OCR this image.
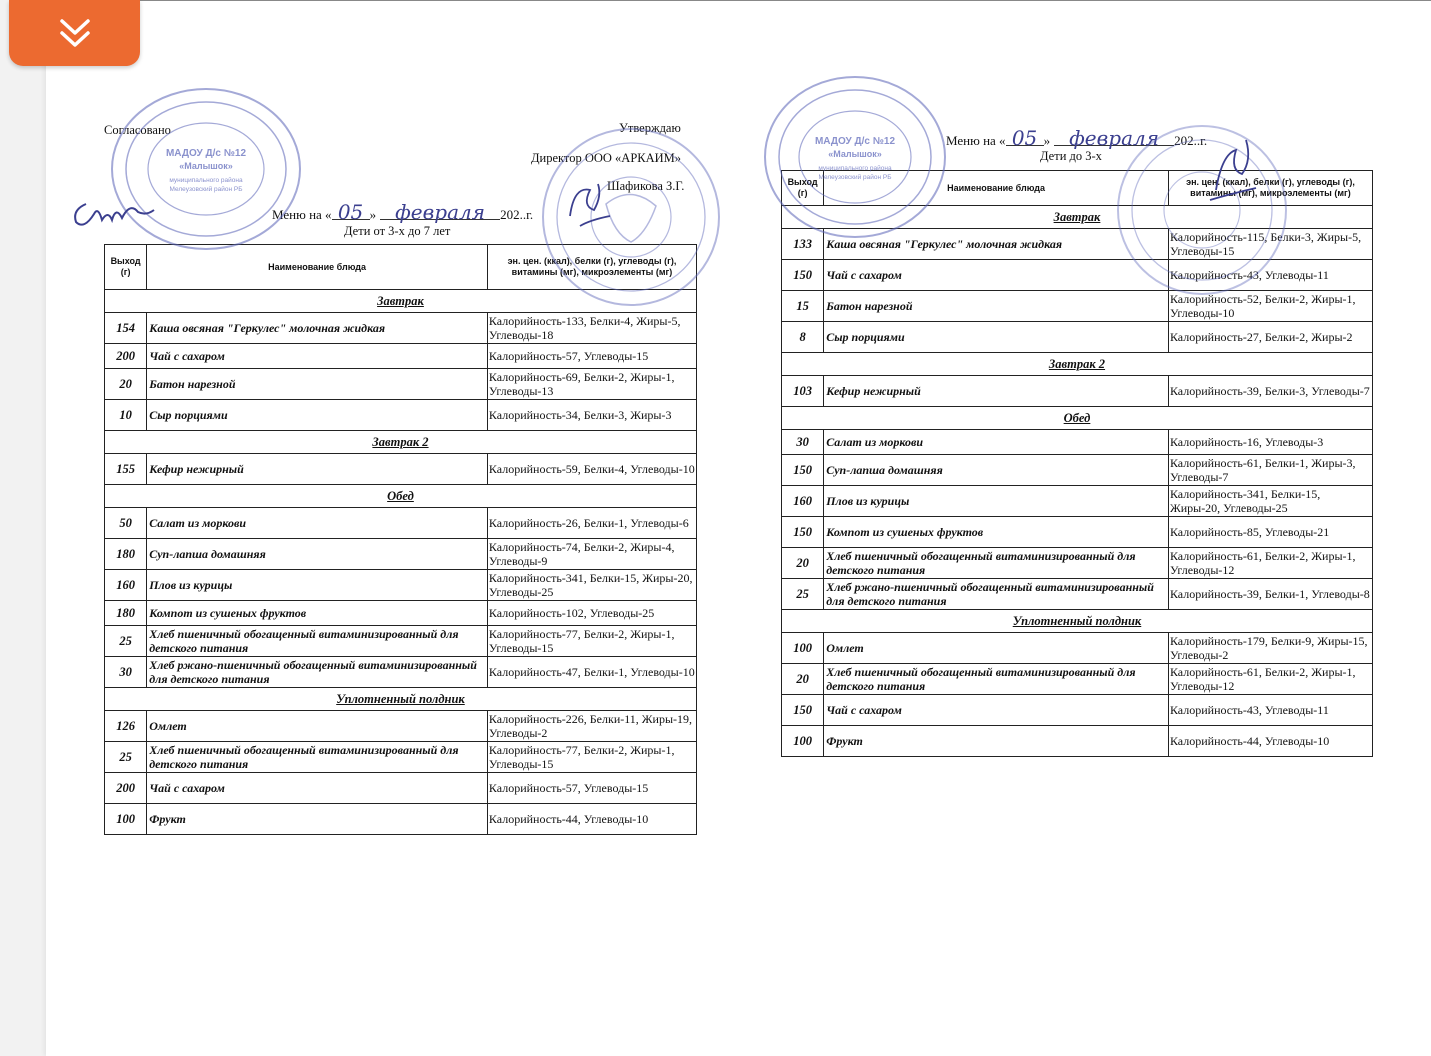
Согласовано	Утверждаю
Директор ООО «АРКАИМ»
Шафикова З.Г.
Меню на « 05 » февраля 202..г.
Дети от 3-х до 7 лет
Выход (г)	Наименование блюда	эн. цен. (ккал), белки (г), углеводы (г), витамины (мг), микроэлементы (мг)
Завтрак		
154	Каша овсяная "Геркулес" молочная жидкая	Калорийность-133, Белки-4, Жиры-5, Углеводы-18
200	Чай с сахаром	Калорийность-57, Углеводы-15
20	Батон нарезной	Калорийность-69, Белки-2, Жиры-1, Углеводы-13
10	Сыр порциями	Калорийность-34, Белки-3, Жиры-3
Завтрак 2		
155	Кефир нежирный	Калорийность-59, Белки-4, Углеводы-10
Обед		
50	Салат из моркови	Калорийность-26, Белки-1, Углеводы-6
180	Суп-лапша домашняя	Калорийность-74, Белки-2, Жиры-4, Углеводы-9
160	Плов из курицы	Калорийность-341, Белки-15, Жиры-20, Углеводы-25
180	Компот из сушеных фруктов	Калорийность-102, Углеводы-25
25	Хлеб пшеничный обогащенный витаминизированный для детского питания	Калорийность-77, Белки-2, Жиры-1, Углеводы-15
30	Хлеб ржано-пшеничный обогащенный витаминизированный для детского питания	Калорийность-47, Белки-1, Углеводы-10
Уплотненный полдник		
126	Омлет	Калорийность-226, Белки-11, Жиры-19, Углеводы-2
25	Хлеб пшеничный обогащенный витаминизированный для детского питания	Калорийность-77, Белки-2, Жиры-1, Углеводы-15
200	Чай с сахаром	Калорийность-57, Углеводы-15
100	Фрукт	Калорийность-44, Углеводы-10
Меню на « 05 » февраля 202..г.
Дети до 3-х
Выход (г)	Наименование блюда	эн. цен. (ккал), белки (г), углеводы (г), витамины (мг), микроэлементы (мг)
Завтрак		
133	Каша овсяная "Геркулес" молочная жидкая	Калорийность-115, Белки-3, Жиры-5, Углеводы-15
150	Чай с сахаром	Калорийность-43, Углеводы-11
15	Батон нарезной	Калорийность-52, Белки-2, Жиры-1, Углеводы-10
8	Сыр порциями	Калорийность-27, Белки-2, Жиры-2
Завтрак 2		
103	Кефир нежирный	Калорийность-39, Белки-3, Углеводы-7
Обед		
30	Салат из моркови	Калорийность-16, Углеводы-3
150	Суп-лапша домашняя	Калорийность-61, Белки-1, Жиры-3, Углеводы-7
160	Плов из курицы	Калорийность-341, Белки-15, Жиры-20, Углеводы-25
150	Компот из сушеных фруктов	Калорийность-85, Углеводы-21
20	Хлеб пшеничный обогащенный витаминизированный для детского питания	Калорийность-61, Белки-2, Жиры-1, Углеводы-12
25	Хлеб ржано-пшеничный обогащенный витаминизированный для детского питания	Калорийность-39, Белки-1, Углеводы-8
Уплотненный полдник		
100	Омлет	Калорийность-179, Белки-9, Жиры-15, Углеводы-2
20	Хлеб пшеничный обогащенный витаминизированный для детского питания	Калорийность-61, Белки-2, Жиры-1, Углеводы-12
150	Чай с сахаром	Калорийность-43, Углеводы-11
100	Фрукт	Калорийность-44, Углеводы-10
МАДОУ Д/с №12
«Малышок»
муниципального района
Мелеузовский район РБ
МАДОУ Д/с №12
«Малышок»
муниципального района
Мелеузовский район РБ
